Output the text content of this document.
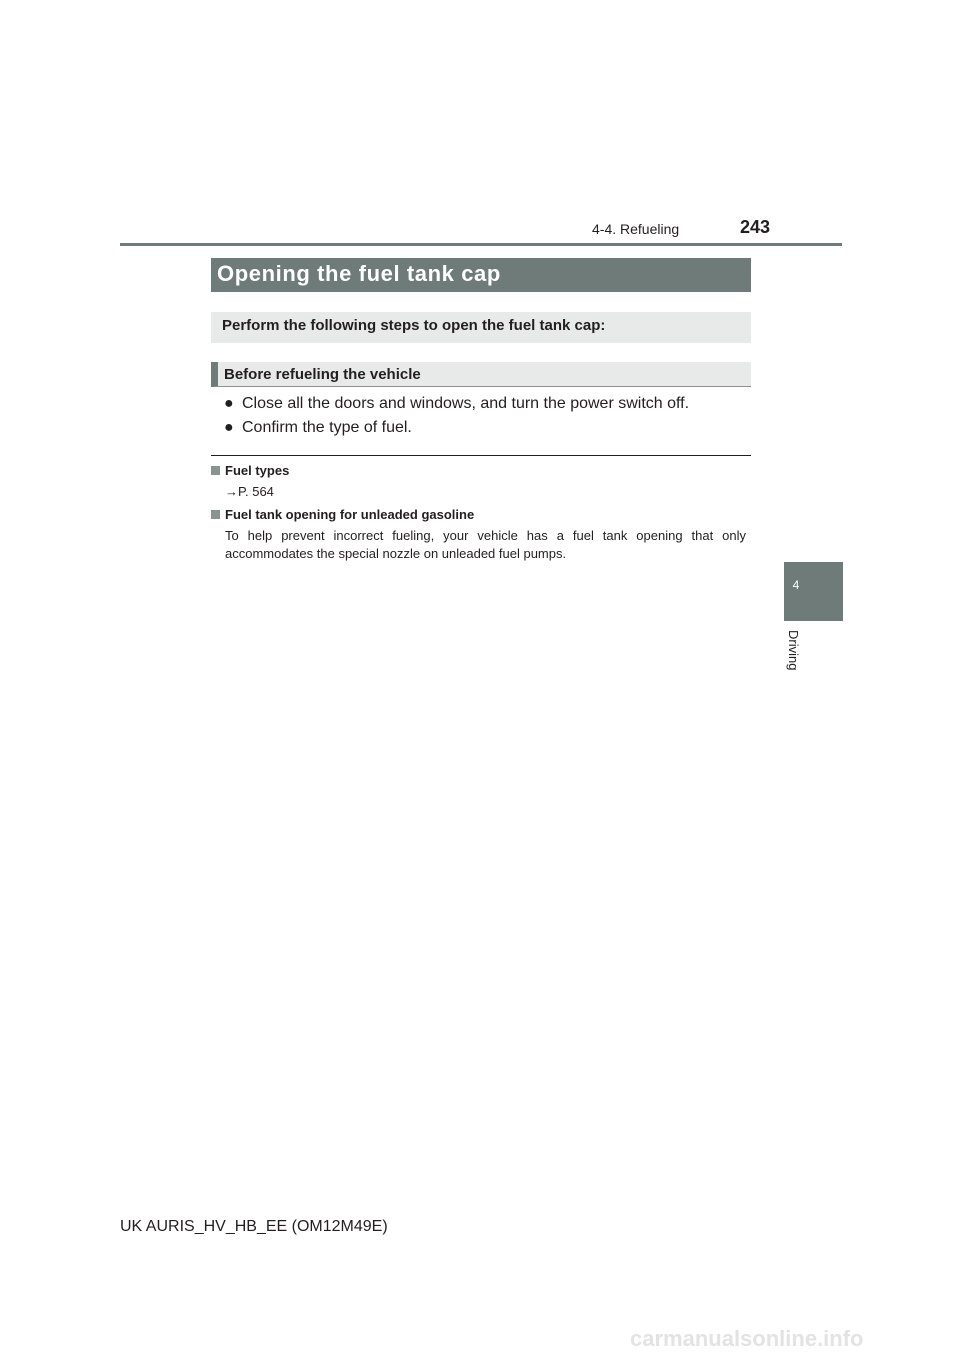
4-4. Refueling	243
4
Driving
Opening the fuel tank cap
Perform the following steps to open the fuel tank cap:
Before refueling the vehicle
● Close all the doors and windows, and turn the power switch off.
● Confirm the type of fuel.
Fuel types
→P. 564
Fuel tank opening for unleaded gasoline
To help prevent incorrect fueling, your vehicle has a fuel tank opening that only accommodates the special nozzle on unleaded fuel pumps.
UK AURIS_HV_HB_EE (OM12M49E)
carmanualsonline.info
